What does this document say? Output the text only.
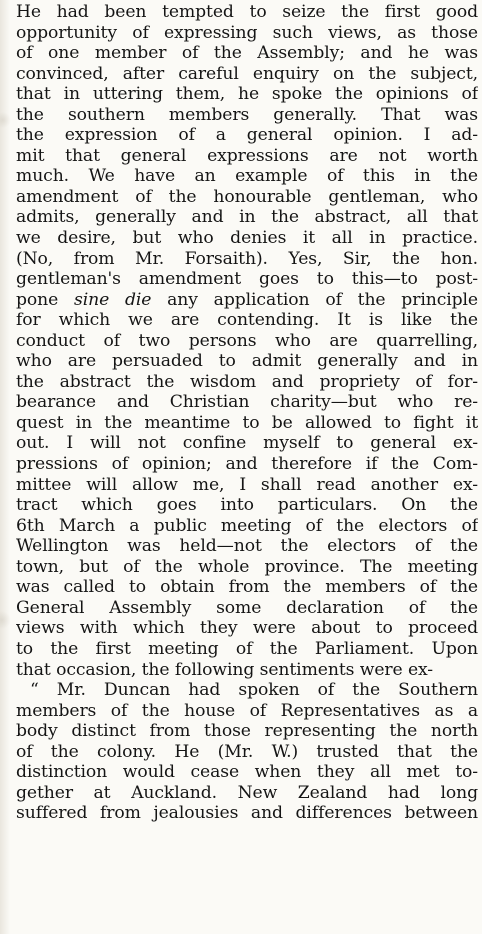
He had been tempted to seize the first good
opportunity of expressing such views, as those
of one member of the Assembly; and he was
convinced, after careful enquiry on the subject,
that in uttering them, he spoke the opinions of
the southern members generally. That was
the expression of a general opinion. I ad-
mit that general expressions are not worth
much. We have an example of this in the
amendment of the honourable gentleman, who
admits, generally and in the abstract, all that
we desire, but who denies it all in practice.
(No, from Mr. Forsaith). Yes, Sir, the hon.
gentleman's amendment goes to this—to post-
pone sine die any application of the principle
for which we are contending. It is like the
conduct of two persons who are quarrelling,
who are persuaded to admit generally and in
the abstract the wisdom and propriety of for-
bearance and Christian charity—but who re-
quest in the meantime to be allowed to fight it
out. I will not confine myself to general ex-
pressions of opinion; and therefore if the Com-
mittee will allow me, I shall read another ex-
tract which goes into particulars. On the
6th March a public meeting of the electors of
Wellington was held—not the electors of the
town, but of the whole province. The meeting
was called to obtain from the members of the
General Assembly some declaration of the
views with which they were about to proceed
to the first meeting of the Parliament. Upon
that occasion, the following sentiments were ex-
“ Mr. Duncan had spoken of the Southern
members of the house of Representatives as a
body distinct from those representing the north
of the colony. He (Mr. W.) trusted that the
distinction would cease when they all met to-
gether at Auckland. New Zealand had long
suffered from jealousies and differences between
